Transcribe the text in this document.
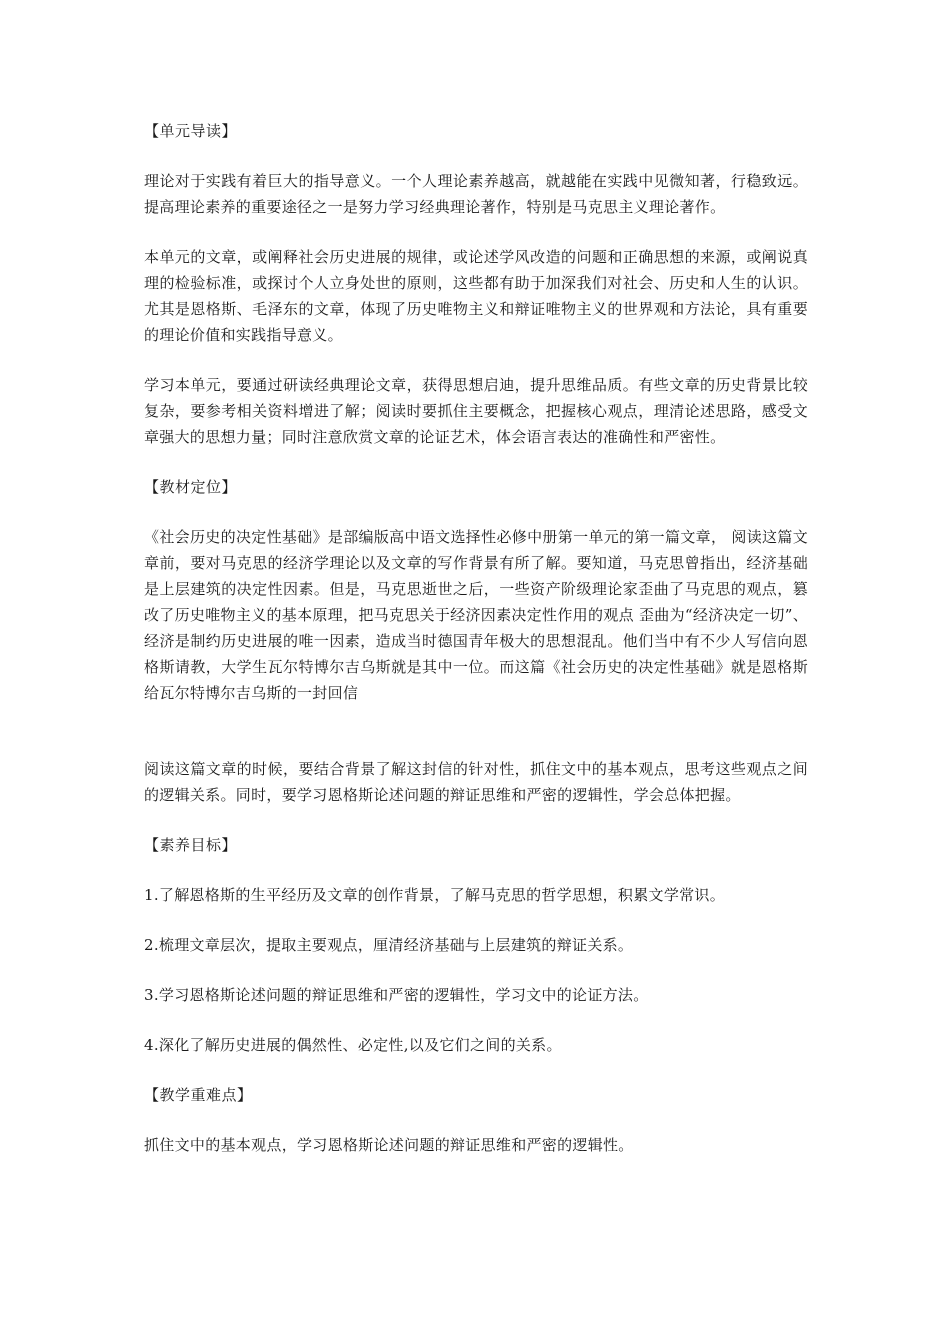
【单元导读】

理论对于实践有着巨大的指导意义。一个人理论素养越高，就越能在实践中见微知著，行稳致远。提高理论素养的重要途径之一是努力学习经典理论著作，特别是马克思主义理论著作。

本单元的文章，或阐释社会历史进展的规律，或论述学风改造的问题和正确思想的来源，或阐说真理的检验标准，或探讨个人立身处世的原则，这些都有助于加深我们对社会、历史和人生的认识。尤其是恩格斯、毛泽东的文章，体现了历史唯物主义和辩证唯物主义的世界观和方法论，具有重要的理论价值和实践指导意义。

学习本单元，要通过研读经典理论文章，获得思想启迪，提升思维品质。有些文章的历史背景比较复杂，要参考相关资料增进了解；阅读时要抓住主要概念，把握核心观点，理清论述思路，感受文章强大的思想力量；同时注意欣赏文章的论证艺术，体会语言表达的准确性和严密性。

【教材定位】

《社会历史的决定性基础》是部编版高中语文选择性必修中册第一单元的第一篇文章， 阅读这篇文章前，要对马克思的经济学理论以及文章的写作背景有所了解。要知道，马克思曾指出，经济基础是上层建筑的决定性因素。但是，马克思逝世之后，一些资产阶级理论家歪曲了马克思的观点，篡改了历史唯物主义的基本原理，把马克思关于经济因素决定性作用的观点 歪曲为“经济决定一切”、经济是制约历史进展的唯一因素，造成当时德国青年极大的思想混乱。他们当中有不少人写信向恩格斯请教，大学生瓦尔特博尔吉乌斯就是其中一位。而这篇《社会历史的决定性基础》就是恩格斯给瓦尔特博尔吉乌斯的一封回信

阅读这篇文章的时候，要结合背景了解这封信的针对性，抓住文中的基本观点，思考这些观点之间的逻辑关系。同时，要学习恩格斯论述问题的辩证思维和严密的逻辑性，学会总体把握。

【素养目标】

1.了解恩格斯的生平经历及文章的创作背景，了解马克思的哲学思想，积累文学常识。

2.梳理文章层次，提取主要观点，厘清经济基础与上层建筑的辩证关系。

3.学习恩格斯论述问题的辩证思维和严密的逻辑性，学习文中的论证方法。

4.深化了解历史进展的偶然性、必定性,以及它们之间的关系。

【教学重难点】

抓住文中的基本观点，学习恩格斯论述问题的辩证思维和严密的逻辑性。
